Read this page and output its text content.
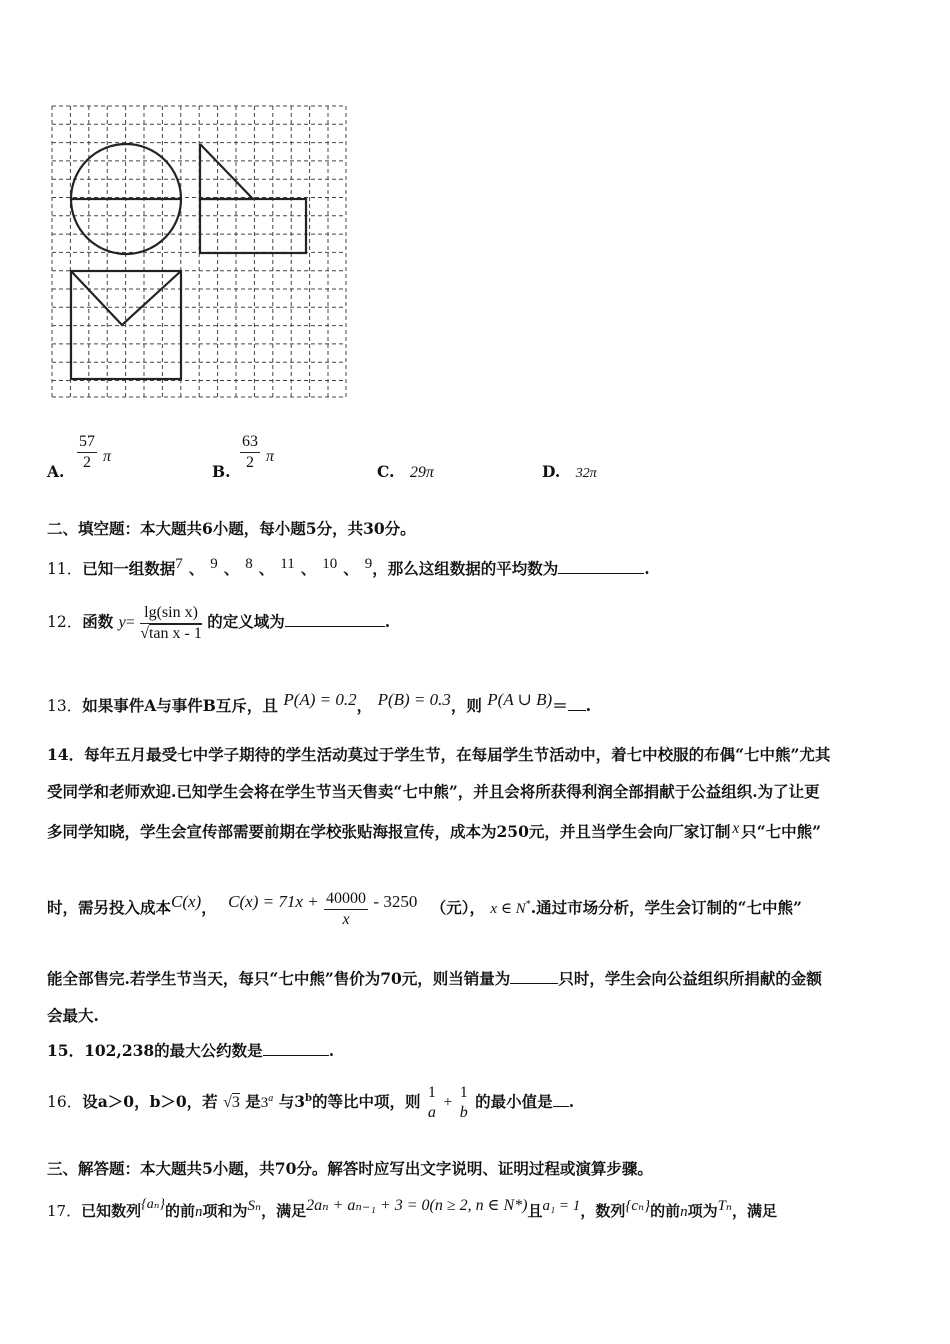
A. $\frac{57}{2}$ π
B. $\frac{63}{2}$ π
C. 29π	D. 32π
二、填空题：本大题共6小题，每小题5分，共30分。
11．已知一组数据$^7$ 、 $^9$ 、 $^8$ 、 $^{11}$ 、 $^{10}$ 、 $^9$，那么这组数据的平均数为	.
12．函数 $y= \frac{\text{lg(sin x)}}{\text{√tan x - 1}}$ 的定义域为	.
13．如果事件A与事件B互斥，且 P(A) = 0.2， P(B) = 0.3，则 P(A ∪ B)＝ .
14．每年五月最受七中学子期待的学生活动莫过于学生节，在每届学生节活动中，着七中校服的布偶“七中熊”尤其
受同学和老师欢迎.已知学生会将在学生节当天售卖“七中熊”，并且会将所获得利润全部捐献于公益组织.为了让更
多同学知晓，学生会宣传部需要前期在学校张贴海报宣传，成本为250元，并且当学生会向厂家订制 x 只“七中熊”
时，需另投入成本C(x)， $C(x) = 71x + \frac{40000}{x} - 3250$ （元）， x ∈ N*.通过市场分析，学生会订制的“七中熊”
能全部售完.若学生节当天，每只“七中熊”售价为70元，则当销量为	只时，学生会向公益组织所捐献的金额
会最大.
15．102,238的最大公约数是	.
16．设a＞0，b＞0，若 √3 是3$^a$ 与3$^b$的等比中项，则 1
a
+
1
b
的最小值是 .
三、解答题：本大题共5小题，共70分。解答时应写出文字说明、证明过程或演算步骤。
17．已知数列{aₙ}的前n项和为Sₙ，满足2aₙ + aₙ₋₁ + 3 = 0(n ≥ 2, n ∈ N*)且a₁ = 1，数列{cₙ}的前n项为Tₙ，满足
